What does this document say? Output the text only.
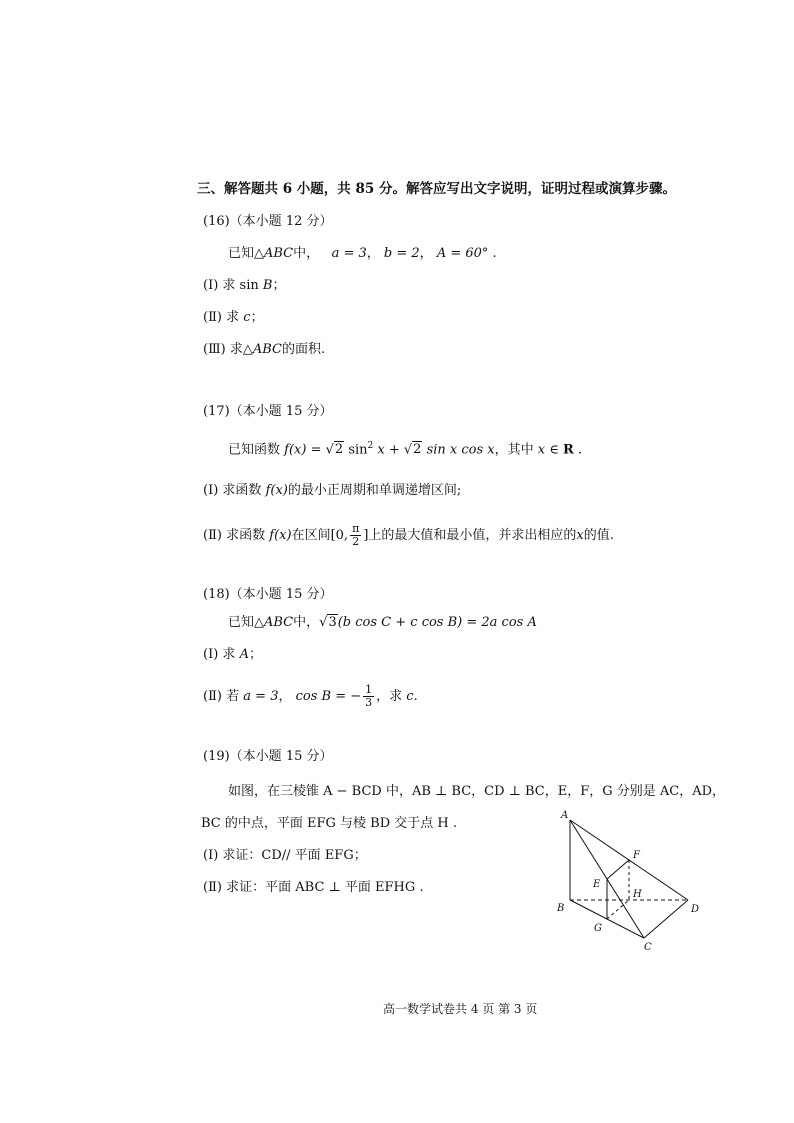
三、解答题共 6 小题，共 85 分。解答应写出文字说明，证明过程或演算步骤。
(16)（本小题 12 分）
已知△ABC中， a = 3， b = 2， A = 60° .
(Ⅰ) 求 sin B；
(Ⅱ) 求 c；
(Ⅲ) 求△ABC的面积.
(17)（本小题 15 分）
已知函数 f(x) = √2 $\sin^2 x + √2$ sin x cos x，其中 x ∈ R .
(Ⅰ) 求函数 f(x)的最小正周期和单调递增区间;
(Ⅱ) 求函数 f(x)在区间[0, $\frac{\pi}{2}$ ]上的最大值和最小值，并求出相应的x的值.
(18)（本小题 15 分）
已知△ABC中，√3(b cos C + c cos B) = 2a cos A
(Ⅰ) 求 A；
(Ⅱ) 若 a = 3， cos B = − $\frac{1}{3}$ ，求 c.
(19)（本小题 15 分）
如图，在三棱锥 A − BCD 中，AB ⊥ BC，CD ⊥ BC，E，F，G 分别是 AC，AD，
BC 的中点，平面 EFG 与棱 BD 交于点 H .
(Ⅰ) 求证：CD// 平面 EFG；
(Ⅱ) 求证：平面 ABC ⊥ 平面 EFHG .
A
B
C
D
E
F
G
H
高一数学试卷共 4 页 第 3 页
